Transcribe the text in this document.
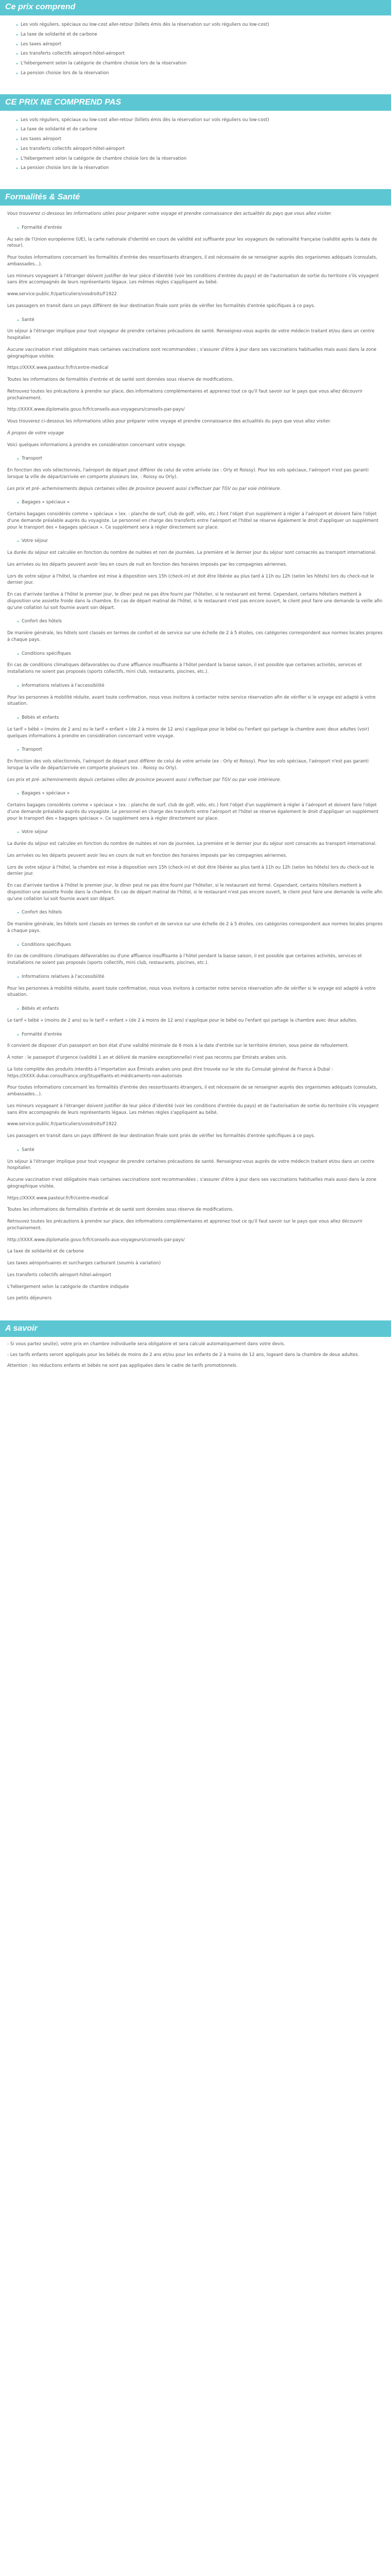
Ce prix comprend
• Les vols réguliers, spéciaux ou low-cost aller-retour (billets émis dès la réservation sur vols réguliers ou low-cost)
• La taxe de solidarité et de carbone
• Les taxes aéroport
• Les transferts collectifs aéroport-hôtel-aéroport
• L'hébergement selon la catégorie de chambre choisie lors de la réservation
• La pension choisie lors de la réservation
CE PRIX NE COMPREND PAS
• Les vols réguliers, spéciaux ou low-cost aller-retour (billets émis dès la réservation sur vols réguliers ou low-cost)
• La taxe de solidarité et de carbone
• Les taxes aéroport
• Les transferts collectifs aéroport-hôtel-aéroport
• L'hébergement selon la catégorie de chambre choisie lors de la réservation
• La pension choisie lors de la réservation
Formalités & Santé
Vous trouverez ci-dessous les informations utiles pour préparer votre voyage et prendre connaissance des actualités du pays que vous allez visiter.
• Formalité d'entrée
Au sein de l'Union européenne (UE), la carte nationale d'identité en cours de validité est suffisante pour les voyageurs de nationalité française (validité après la date de retour).
Pour toutes informations concernant les formalités d'entrée des ressortissants étrangers, il est nécessaire de se renseigner auprès des organismes adéquats (consulats, ambassades...).
Les mineurs voyageant à l'étranger doivent justifier de leur pièce d'identité (voir les conditions d'entrée du pays) et de l'autorisation de sortie du territoire s'ils voyagent sans être accompagnés de leurs représentants légaux. Les mêmes règles s'appliquent au bébé.
www.service-public.fr/particuliers/vosdroits/F1922
Les passagers en transit dans un pays différent de leur destination finale sont priés de vérifier les formalités d'entrée spécifiques à ce pays.
• Santé
Un séjour à l'étranger implique pour tout voyageur de prendre certaines précautions de santé. Renseignez-vous auprès de votre médecin traitant et/ou dans un centre hospitalier.
Aucune vaccination n'est obligatoire mais certaines vaccinations sont recommandées ; s'assurer d'être à jour dans ses vaccinations habituelles mais aussi dans la zone géographique visitée.
https://XXXX.www.pasteur.fr/fr/centre-medical
Toutes les informations de formalités d'entrée et de santé sont données sous réserve de modifications.
Retrouvez toutes les précautions à prendre sur place, des informations complémentaires et apprenez tout ce qu'il faut savoir sur le pays que vous allez découvrir prochainement.
http://XXXX.www.diplomatie.gouv.fr/fr/conseils-aux-voyageurs/conseils-par-pays/
Vous trouverez ci-dessous les informations utiles pour préparer votre voyage et prendre connaissance des actualités du pays que vous allez visiter.
À propos de votre voyage
Voici quelques informations à prendre en considération concernant votre voyage.
• Transport
En fonction des vols sélectionnés, l'aéroport de départ peut différer de celui de votre arrivée (ex : Orly et Roissy). Pour les vols spéciaux, l'aéroport n'est pas garanti lorsque la ville de départ/arrivée en comporte plusieurs (ex. : Roissy ou Orly).
Les prix et pré- acheminements depuis certaines villes de province peuvent aussi s'effectuer par TGV ou par voie intérieure.
• Bagages « spéciaux »
Certains bagages considérés comme « spéciaux » (ex. : planche de surf, club de golf, vélo, etc.) font l'objet d'un supplément à régler à l'aéroport et doivent faire l'objet d'une demande préalable auprès du voyagiste. Le personnel en charge des transferts entre l'aéroport et l'hôtel se réserve également le droit d'appliquer un supplément pour le transport des « bagages spéciaux ». Ce supplément sera à régler directement sur place.
• Votre séjour
La durée du séjour est calculée en fonction du nombre de nuitées et non de journées. La première et le dernier jour du séjour sont consacrés au transport international.
Les arrivées ou les départs peuvent avoir lieu en cours de nuit en fonction des horaires imposés par les compagnies aériennes.
Lors de votre séjour à l'hôtel, la chambre est mise à disposition vers 15h (check-in) et doit être libérée au plus tard à 11h ou 12h (selon les hôtels) lors du check-out le dernier jour.
En cas d'arrivée tardive à l'hôtel le premier jour, le dîner peut ne pas être fourni par l'hôtelier, si le restaurant est fermé. Cependant, certains hôteliers mettent à disposition une assiette froide dans la chambre. En cas de départ matinal de l'hôtel, si le restaurant n'est pas encore ouvert, le client peut faire une demande la veille afin qu'une collation lui soit fournie avant son départ.
• Confort des hôtels
De manière générale, les hôtels sont classés en termes de confort et de service sur une échelle de 2 à 5 étoiles, ces catégories correspondent aux normes locales propres à chaque pays.
• Conditions spécifiques
En cas de conditions climatiques défavorables ou d'une affluence insuffisante à l'hôtel pendant la basse saison, il est possible que certaines activités, services et installations ne soient pas proposés (sports collectifs, mini club, restaurants, piscines, etc.).
• Informations relatives à l'accessibilité
Pour les personnes à mobilité réduite, avant toute confirmation, nous vous invitons à contacter notre service réservation afin de vérifier si le voyage est adapté à votre situation.
• Bébés et enfants
Le tarif « bébé » (moins de 2 ans) ou le tarif « enfant » (de 2 à moins de 12 ans) s'applique pour le bébé ou l'enfant qui partage la chambre avec deux adultes (voir) quelques informations à prendre en considération concernant votre voyage.
• Transport
En fonction des vols sélectionnés, l'aéroport de départ peut différer de celui de votre arrivée (ex : Orly et Roissy). Pour les vols spéciaux, l'aéroport n'est pas garanti lorsque la ville de départ/arrivée en comporte plusieurs (ex. : Roissy ou Orly).
Les prix et pré- acheminements depuis certaines villes de province peuvent aussi s'effectuer par TGV ou par voie intérieure.
• Bagages « spéciaux »
Certains bagages considérés comme « spéciaux » (ex. : planche de surf, club de golf, vélo, etc.) font l'objet d'un supplément à régler à l'aéroport et doivent faire l'objet d'une demande préalable auprès du voyagiste. Le personnel en charge des transferts entre l'aéroport et l'hôtel se réserve également le droit d'appliquer un supplément pour le transport des « bagages spéciaux ». Ce supplément sera à régler directement sur place.
• Votre séjour
La durée du séjour est calculée en fonction du nombre de nuitées et non de journées. La première et le dernier jour du séjour sont consacrés au transport international.
Les arrivées ou les départs peuvent avoir lieu en cours de nuit en fonction des horaires imposés par les compagnies aériennes.
Lors de votre séjour à l'hôtel, la chambre est mise à disposition vers 15h (check-in) et doit être libérée au plus tard à 11h ou 12h (selon les hôtels) lors du check-out le dernier jour.
En cas d'arrivée tardive à l'hôtel le premier jour, le dîner peut ne pas être fourni par l'hôtelier, si le restaurant est fermé. Cependant, certains hôteliers mettent à disposition une assiette froide dans la chambre. En cas de départ matinal de l'hôtel, si le restaurant n'est pas encore ouvert, le client peut faire une demande la veille afin qu'une collation lui soit fournie avant son départ.
• Confort des hôtels
De manière générale, les hôtels sont classés en termes de confort et de service sur une échelle de 2 à 5 étoiles, ces catégories correspondent aux normes locales propres à chaque pays.
• Conditions spécifiques
En cas de conditions climatiques défavorables ou d'une affluence insuffisante à l'hôtel pendant la basse saison, il est possible que certaines activités, services et installations ne soient pas proposés (sports collectifs, mini club, restaurants, piscines, etc.).
• Informations relatives à l'accessibilité
Pour les personnes à mobilité réduite, avant toute confirmation, nous vous invitons à contacter notre service réservation afin de vérifier si le voyage est adapté à votre situation.
• Bébés et enfants
Le tarif « bébé » (moins de 2 ans) ou le tarif « enfant » (de 2 à moins de 12 ans) s'applique pour le bébé ou l'enfant qui partage la chambre avec deux adultes.
• Formalité d'entrée
Il convient de disposer d'un passeport en bon état d'une validité minimale de 6 mois à la date d'entrée sur le territoire émirien, sous peine de refoulement.
À noter : le passeport d'urgence (validité 1 an et délivré de manière exceptionnelle) n'est pas reconnu par Emirats arabes unis.
La liste complète des produits interdits à l'importation aux Émirats arabes unis peut être trouvée sur le site du Consulat général de France à Dubaï : https://XXXX.dubai.consulfrance.org/Stupéfiants-et-médicaments-non-autorisés
Pour toutes informations concernant les formalités d'entrée des ressortissants étrangers, il est nécessaire de se renseigner auprès des organismes adéquats (consulats, ambassades...).
Les mineurs voyageant à l'étranger doivent justifier de leur pièce d'identité (voir les conditions d'entrée du pays) et de l'autorisation de sortie du territoire s'ils voyagent sans être accompagnés de leurs représentants légaux. Les mêmes règles s'appliquent au bébé.
www.service-public.fr/particuliers/vosdroits/F1922
Les passagers en transit dans un pays différent de leur destination finale sont priés de vérifier les formalités d'entrée spécifiques à ce pays.
• Santé
Un séjour à l'étranger implique pour tout voyageur de prendre certaines précautions de santé. Renseignez-vous auprès de votre médecin traitant et/ou dans un centre hospitalier.
Aucune vaccination n'est obligatoire mais certaines vaccinations sont recommandées ; s'assurer d'être à jour dans ses vaccinations habituelles mais aussi dans la zone géographique visitée.
https://XXXX.www.pasteur.fr/fr/centre-medical
Toutes les informations de formalités d'entrée et de santé sont données sous réserve de modifications.
Retrouvez toutes les précautions à prendre sur place, des informations complémentaires et apprenez tout ce qu'il faut savoir sur le pays que vous allez découvrir prochainement.
http://XXXX.www.diplomatie.gouv.fr/fr/conseils-aux-voyageurs/conseils-par-pays/
La taxe de solidarité et de carbone
Les taxes aéroportuaires et surcharges carburant (soumis à variation)
Les transferts collectifs aéroport-hôtel-aéroport
L'hébergement selon la catégorie de chambre indiquée
Les petits déjeuners
A savoir
- Si vous partez seul(e), votre prix en chambre individuelle sera obligatoire et sera calculé automatiquement dans votre devis.
- Les tarifs enfants seront appliqués pour les bébés de moins de 2 ans et/ou pour les enfants de 2 à moins de 12 ans, logeant dans la chambre de deux adultes.
Attention : les réductions enfants et bébés ne sont pas appliquées dans le cadre de tarifs promotionnels.
